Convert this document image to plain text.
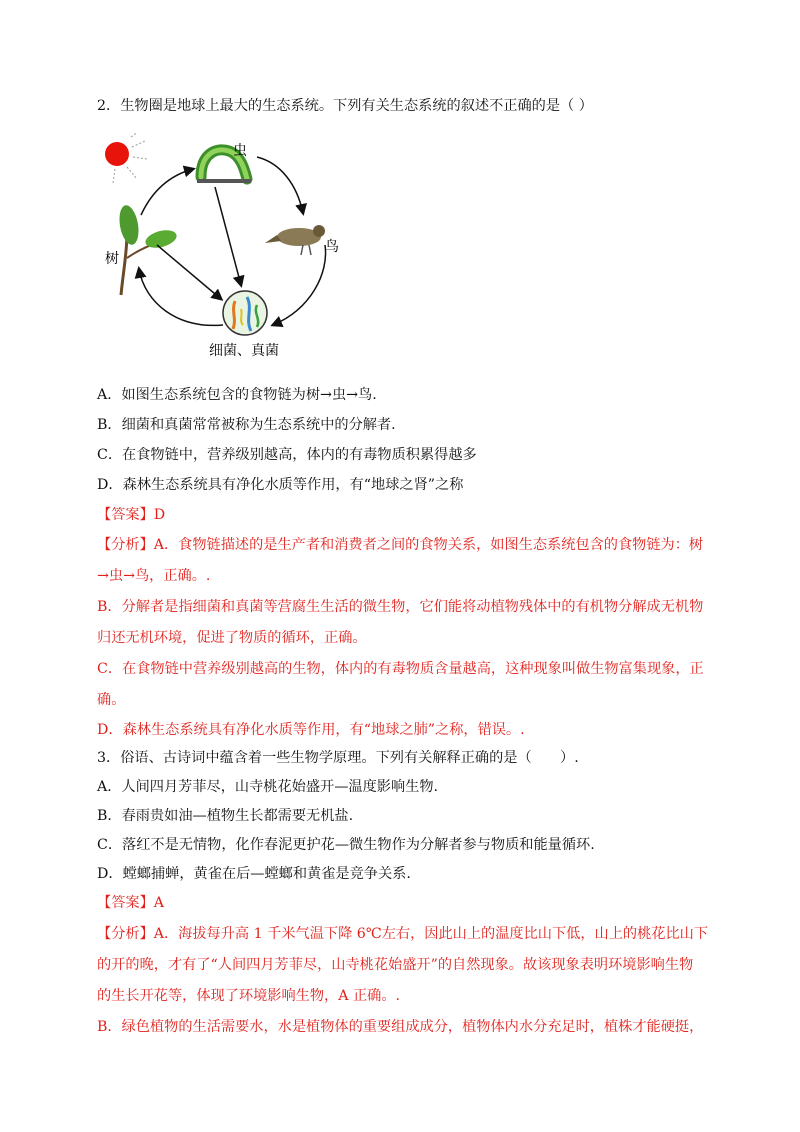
2．生物圈是地球上最大的生态系统。下列有关生态系统的叙述不正确的是（ ）
虫
鸟
树
细菌、真菌
A．如图生态系统包含的食物链为树→虫→鸟.
B．细菌和真菌常常被称为生态系统中的分解者.
C．在食物链中，营养级别越高，体内的有毒物质积累得越多
D．森林生态系统具有净化水质等作用，有“地球之肾”之称
【答案】D
【分析】A．食物链描述的是生产者和消费者之间的食物关系，如图生态系统包含的食物链为：树
→虫→鸟，正确。.
B．分解者是指细菌和真菌等营腐生生活的微生物，它们能将动植物残体中的有机物分解成无机物
归还无机环境，促进了物质的循环，正确。
C．在食物链中营养级别越高的生物，体内的有毒物质含量越高，这种现象叫做生物富集现象，正
确。
D．森林生态系统具有净化水质等作用，有“地球之肺”之称，错误。.
3．俗语、古诗词中蕴含着一些生物学原理。下列有关解释正确的是（　　）.
A．人间四月芳菲尽，山寺桃花始盛开—温度影响生物.
B．春雨贵如油—植物生长都需要无机盐.
C．落红不是无情物，化作春泥更护花—微生物作为分解者参与物质和能量循环.
D．螳螂捕蝉，黄雀在后—螳螂和黄雀是竞争关系.
【答案】A
【分析】A．海拔每升高 1 千米气温下降 6℃左右，因此山上的温度比山下低，山上的桃花比山下
的开的晚，才有了“人间四月芳菲尽，山寺桃花始盛开”的自然现象。故该现象表明环境影响生物
的生长开花等，体现了环境影响生物，A 正确。.
B．绿色植物的生活需要水，水是植物体的重要组成成分，植物体内水分充足时，植株才能硬挺，
